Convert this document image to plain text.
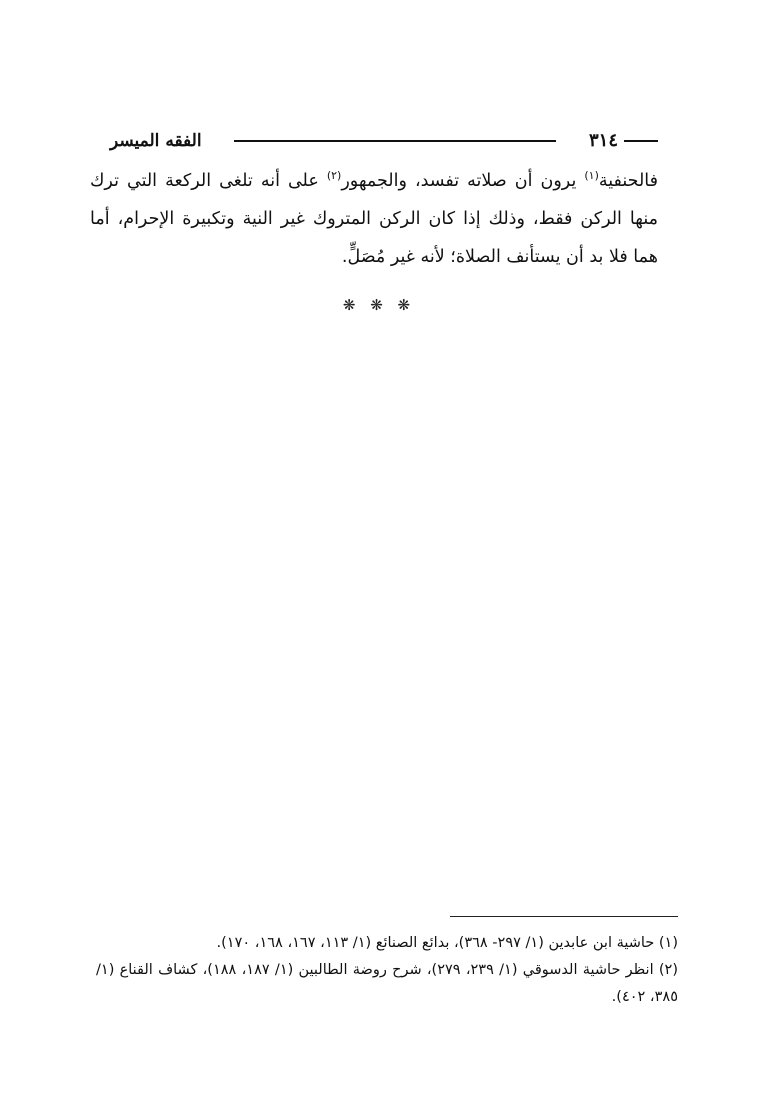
٣١٤
الفقه الميسر

فالحنفية$^{(١)}$ يرون أن صلاته تفسد، والجمهور$^{(٢)}$ على أنه تلغى الركعة التي ترك منها الركن فقط، وذلك إذا كان الركن المتروك غير النية وتكبيرة الإحرام، أما هما فلا بد أن يستأنف الصلاة؛ لأنه غير مُصَلٍّ.

❋ ❋ ❋

(١) حاشية ابن عابدين (١/ ٢٩٧- ٣٦٨)، بدائع الصنائع (١/ ١١٣، ١٦٧، ١٦٨، ١٧٠).

(٢) انظر حاشية الدسوقي (١/ ٢٣٩، ٢٧٩)، شرح روضة الطالبين (١/ ١٨٧، ١٨٨)، كشاف القناع (١/ ٣٨٥، ٤٠٢).
